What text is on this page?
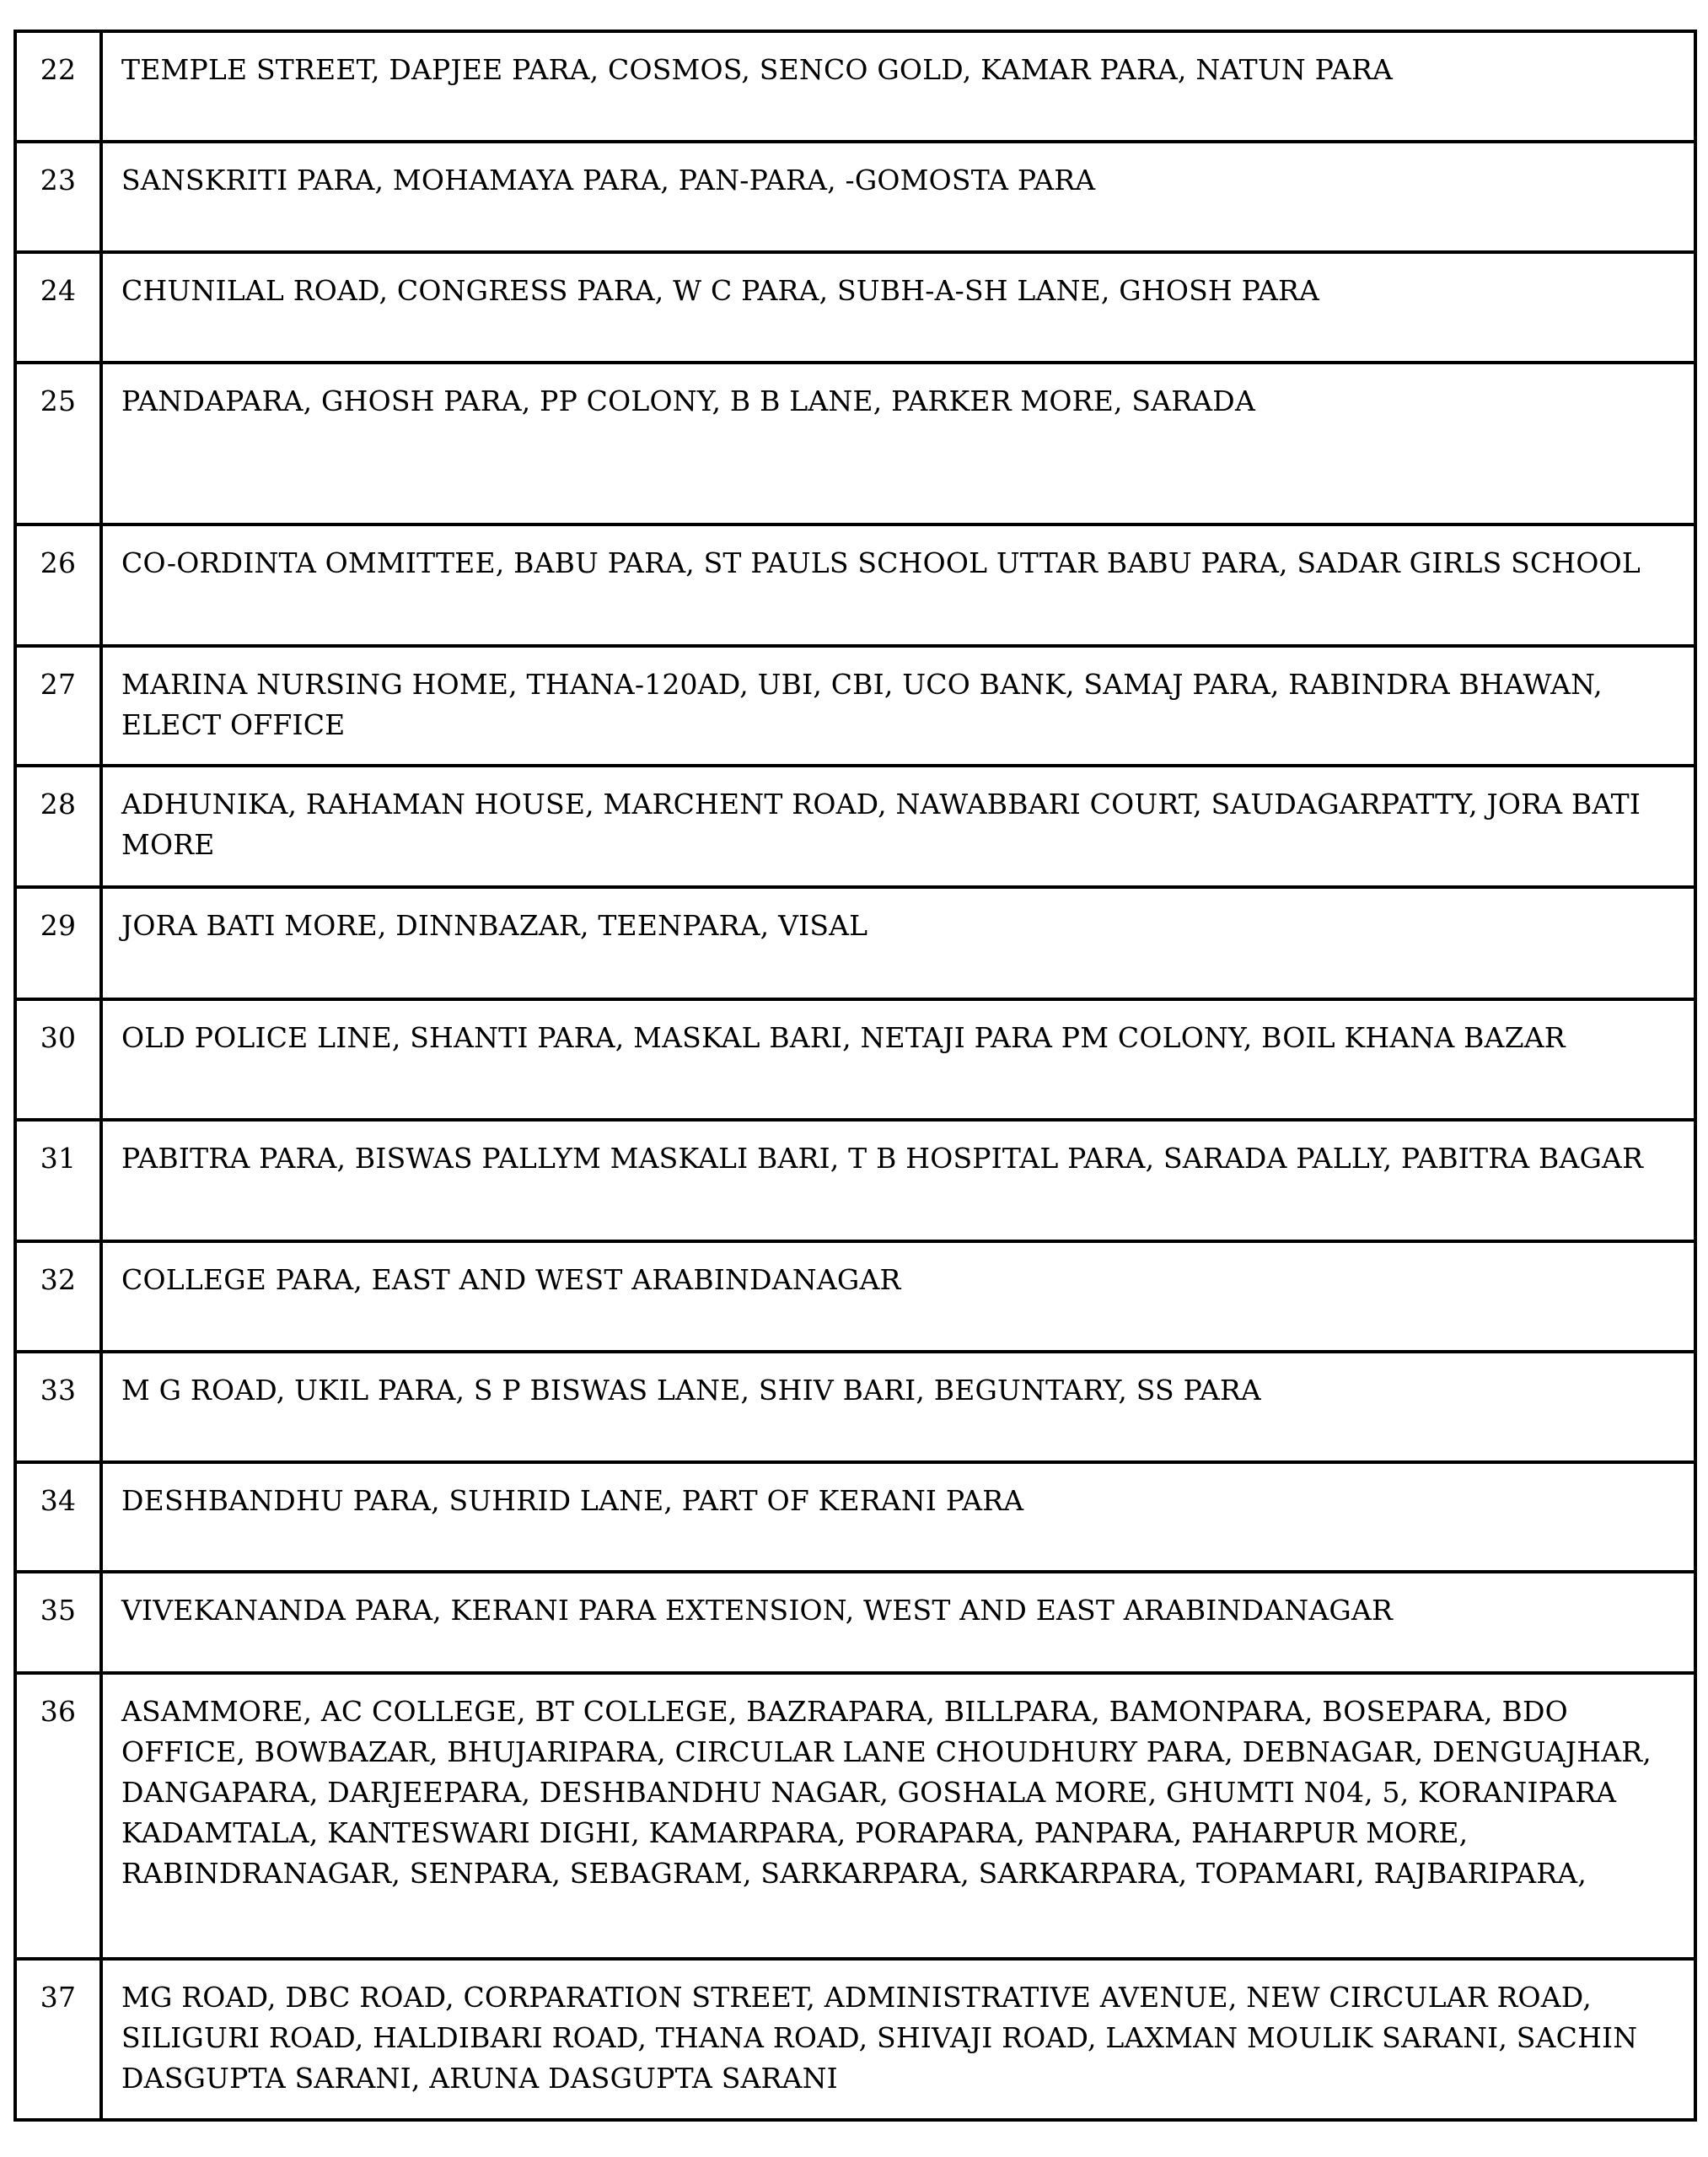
22	TEMPLE STREET, DAPJEE PARA, COSMOS, SENCO GOLD, KAMAR PARA, NATUN PARA
23	SANSKRITI PARA, MOHAMAYA PARA, PAN-PARA, -GOMOSTA PARA
24	CHUNILAL ROAD, CONGRESS PARA, W C PARA, SUBH-A-SH LANE, GHOSH PARA
25	PANDAPARA, GHOSH PARA, PP COLONY, B B LANE, PARKER MORE, SARADA
26	CO-ORDINTA OMMITTEE, BABU PARA, ST PAULS SCHOOL UTTAR BABU PARA, SADAR GIRLS SCHOOL
27	MARINA NURSING HOME, THANA-120AD, UBI, CBI, UCO BANK, SAMAJ PARA, RABINDRA BHAWAN, ELECT OFFICE
28	ADHUNIKA, RAHAMAN HOUSE, MARCHENT ROAD, NAWABBARI COURT, SAUDAGARPATTY, JORA BATI MORE
29	JORA BATI MORE, DINNBAZAR, TEENPARA, VISAL
30	OLD POLICE LINE, SHANTI PARA, MASKAL BARI, NETAJI PARA PM COLONY, BOIL KHANA BAZAR
31	PABITRA PARA, BISWAS PALLYM MASKALI BARI, T B HOSPITAL PARA, SARADA PALLY, PABITRA BAGAR
32	COLLEGE PARA, EAST AND WEST ARABINDANAGAR
33	M G ROAD, UKIL PARA, S P BISWAS LANE, SHIV BARI, BEGUNTARY, SS PARA
34	DESHBANDHU PARA, SUHRID LANE, PART OF KERANI PARA
35	VIVEKANANDA PARA, KERANI PARA EXTENSION, WEST AND EAST ARABINDANAGAR
36	ASAMMORE, AC COLLEGE, BT COLLEGE, BAZRAPARA, BILLPARA, BAMONPARA, BOSEPARA, BDO OFFICE, BOWBAZAR, BHUJARIPARA, CIRCULAR LANE CHOUDHURY PARA, DEBNAGAR, DENGUAJHAR, DANGAPARA, DARJEEPARA, DESHBANDHU NAGAR, GOSHALA MORE, GHUMTI N04, 5, KORANIPARA KADAMTALA, KANTESWARI DIGHI, KAMARPARA, PORAPARA, PANPARA, PAHARPUR MORE, RABINDRANAGAR, SENPARA, SEBAGRAM, SARKARPARA, SARKARPARA, TOPAMARI, RAJBARIPARA,
37	MG ROAD, DBC ROAD, CORPARATION STREET, ADMINISTRATIVE AVENUE, NEW CIRCULAR ROAD, SILIGURI ROAD, HALDIBARI ROAD, THANA ROAD, SHIVAJI ROAD, LAXMAN MOULIK SARANI, SACHIN DASGUPTA SARANI, ARUNA DASGUPTA SARANI
